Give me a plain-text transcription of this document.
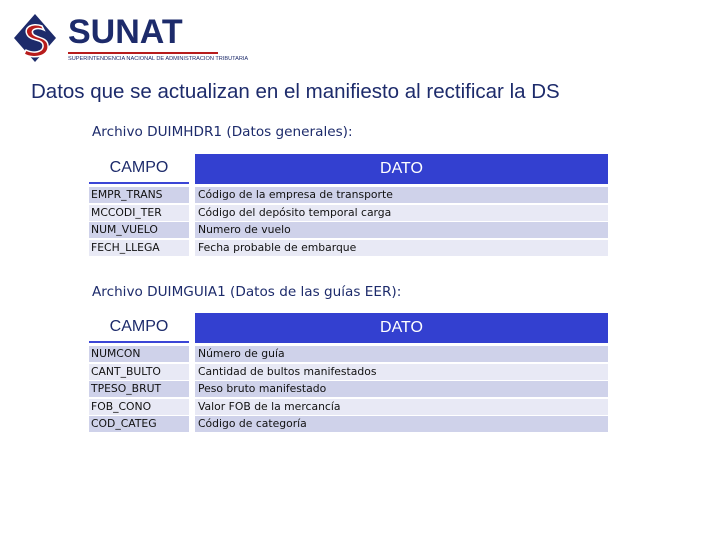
SUNAT
SUPERINTENDENCIA NACIONAL DE ADMINISTRACION TRIBUTARIA
Datos que se actualizan en el manifiesto al rectificar la DS
Archivo DUIMHDR1 (Datos generales):
CAMPO	DATO
EMPR_TRANS	Código de la empresa de transporte
MCCODI_TER	Código del depósito temporal carga
NUM_VUELO	Numero de vuelo
FECH_LLEGA	Fecha probable de embarque
Archivo DUIMGUIA1 (Datos de las guías EER):
CAMPO	DATO
NUMCON	Número de guía
CANT_BULTO	Cantidad de bultos manifestados
TPESO_BRUT	Peso bruto manifestado
FOB_CONO	Valor FOB de la mercancía
COD_CATEG	Código de categoría
